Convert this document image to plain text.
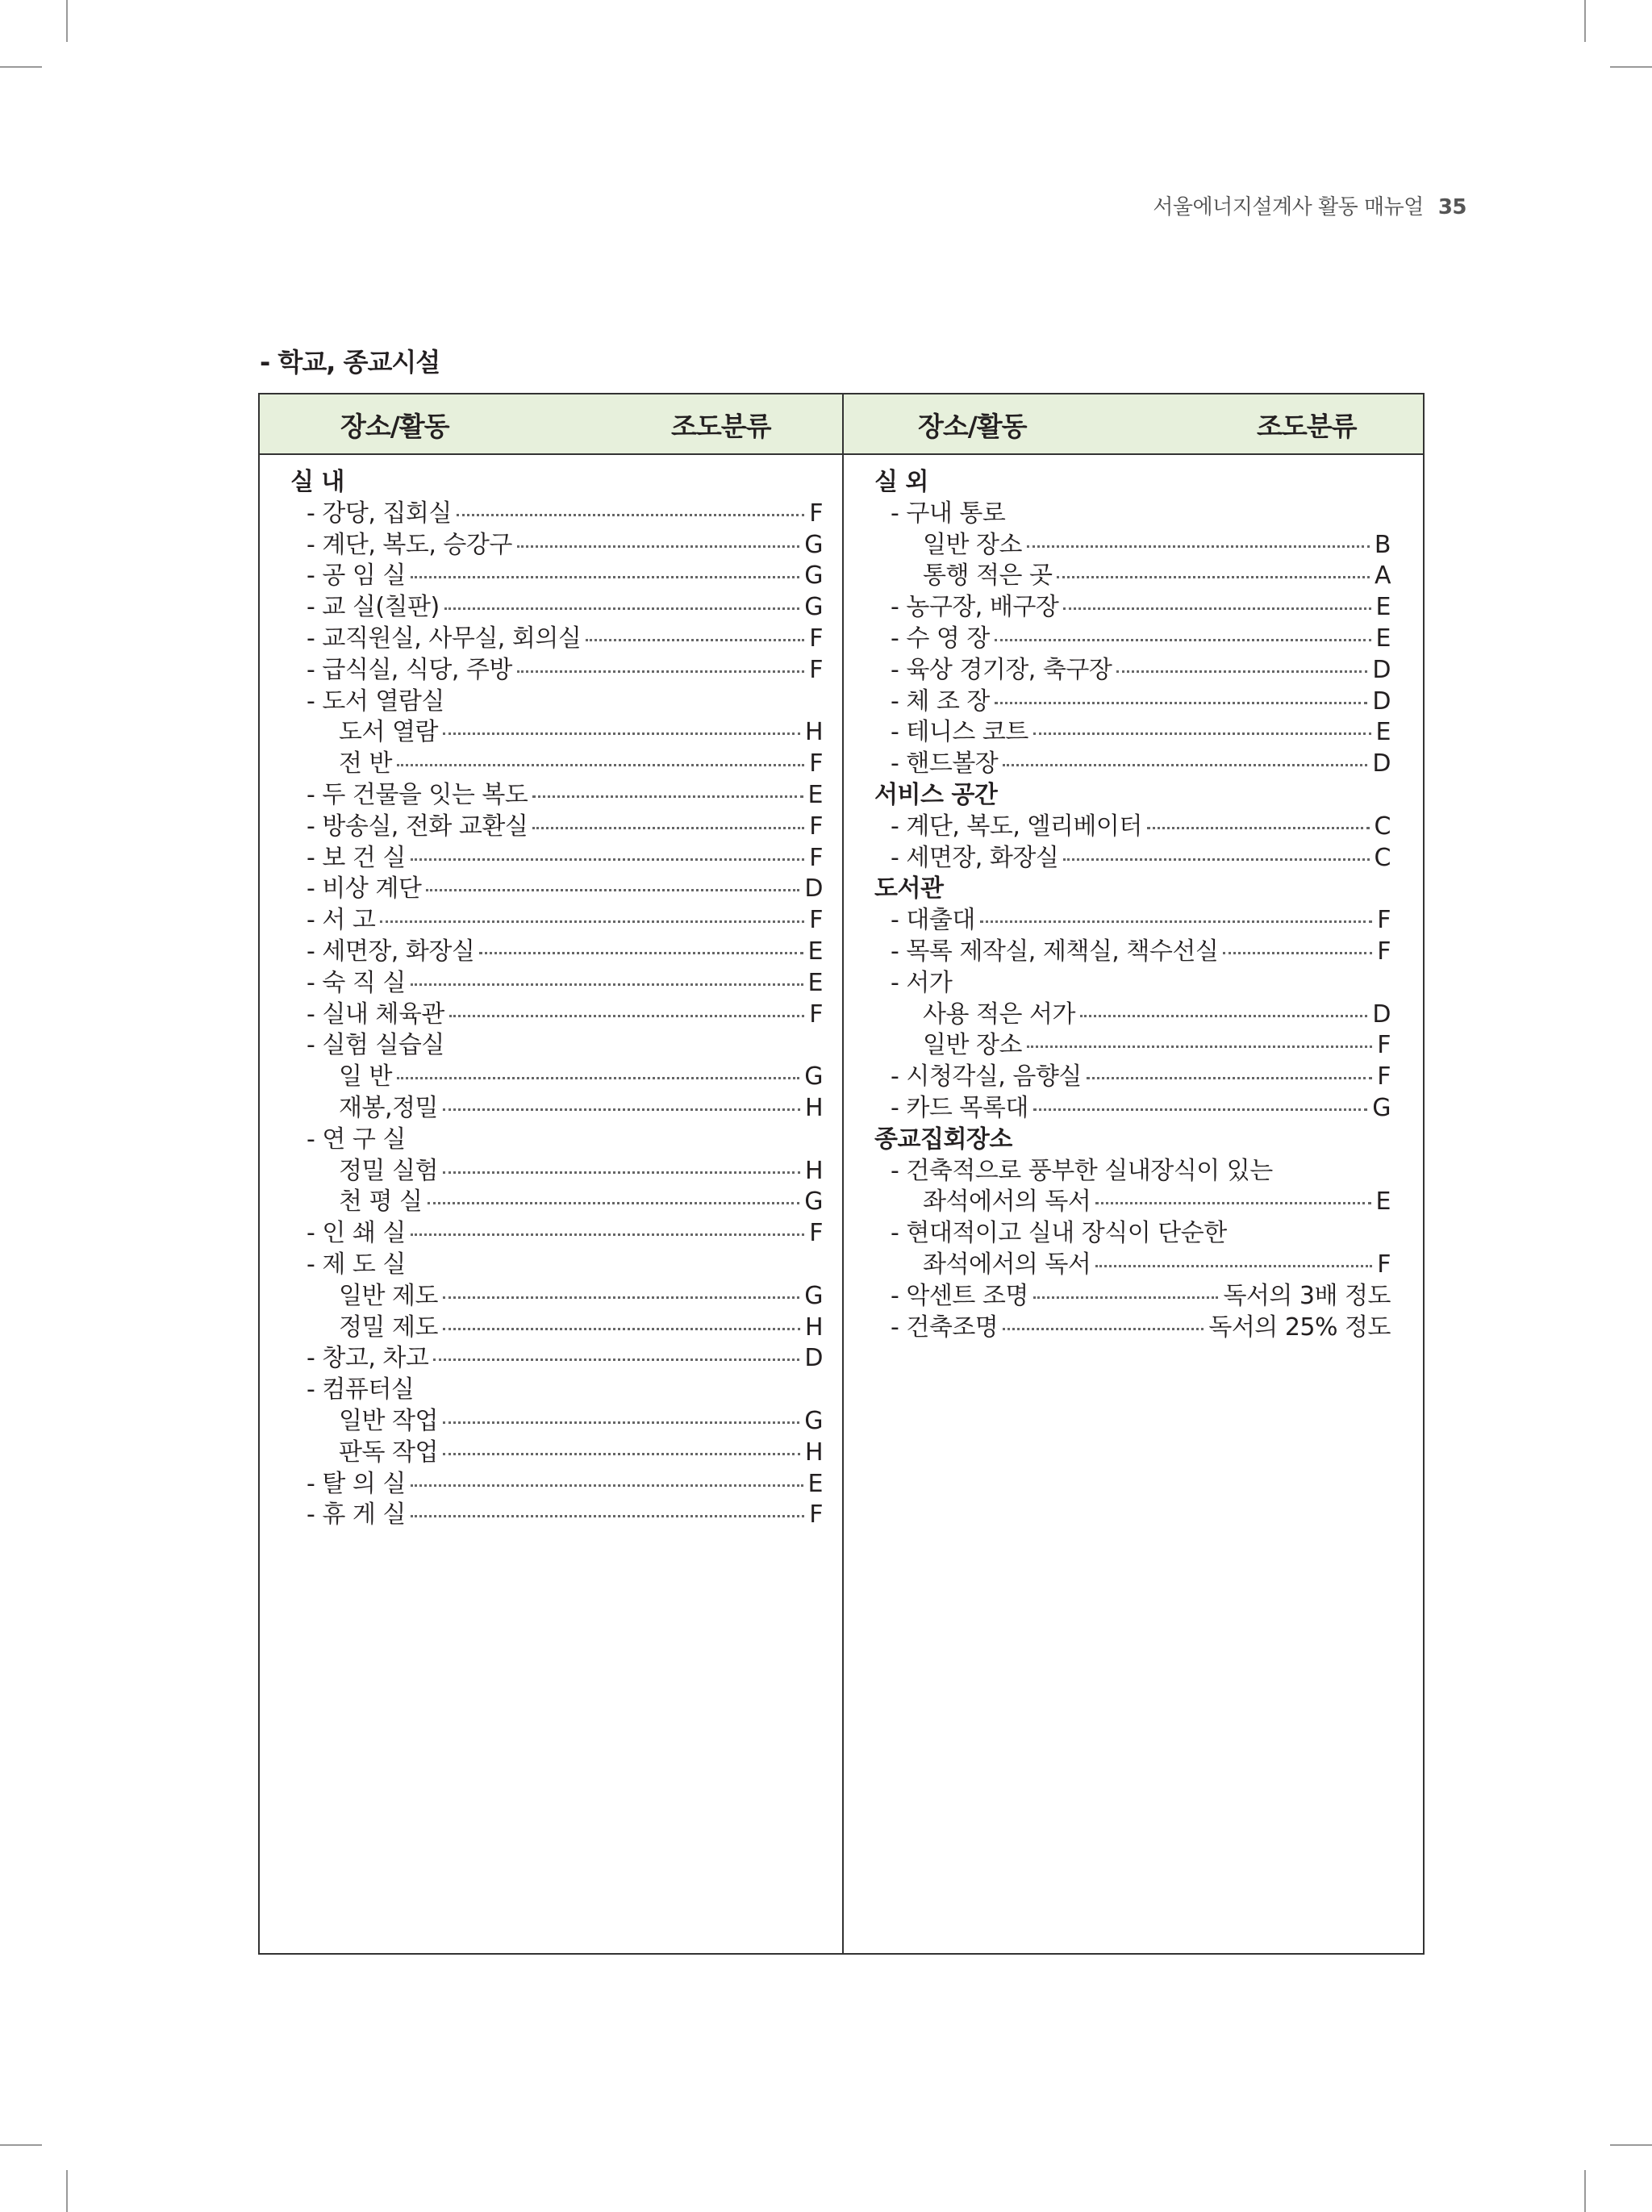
서울에너지설계사 활동 매뉴얼 35
- 학교, 종교시설
장소/활동	조도분류	장소/활동	조도분류
실 내
- 강당, 집회실	F
- 계단, 복도, 승강구	G
- 공 임 실	G
- 교 실(칠판)	G
- 교직원실, 사무실, 회의실	F
- 급식실, 식당, 주방	F
- 도서 열람실
도서 열람	H
전 반	F
- 두 건물을 잇는 복도	E
- 방송실, 전화 교환실	F
- 보 건 실	F
- 비상 계단	D
- 서 고	F
- 세면장, 화장실	E
- 숙 직 실	E
- 실내 체육관	F
- 실험 실습실
일 반	G
재봉,정밀	H
- 연 구 실
정밀 실험	H
천 평 실	G
- 인 쇄 실	F
- 제 도 실
일반 제도	G
정밀 제도	H
- 창고, 차고	D
- 컴퓨터실
일반 작업	G
판독 작업	H
- 탈 의 실	E
- 휴 게 실	F
실 외
- 구내 통로
일반 장소	B
통행 적은 곳	A
- 농구장, 배구장	E
- 수 영 장	E
- 육상 경기장, 축구장	D
- 체 조 장	D
- 테니스 코트	E
- 핸드볼장	D
서비스 공간
- 계단, 복도, 엘리베이터	C
- 세면장, 화장실	C
도서관
- 대출대	F
- 목록 제작실, 제책실, 책수선실	F
- 서가
사용 적은 서가	D
일반 장소	F
- 시청각실, 음향실	F
- 카드 목록대	G
종교집회장소
- 건축적으로 풍부한 실내장식이 있는
좌석에서의 독서	E
- 현대적이고 실내 장식이 단순한
좌석에서의 독서	F
- 악센트 조명	독서의 3배 정도
- 건축조명	독서의 25% 정도
